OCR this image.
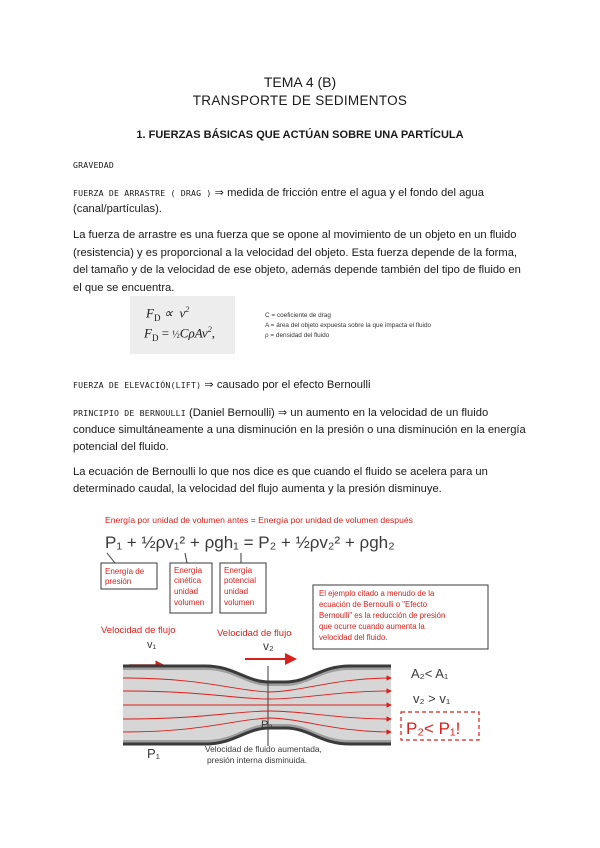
TEMA 4 (B)
TRANSPORTE DE SEDIMENTOS
1. FUERZAS BÁSICAS QUE ACTÚAN SOBRE UNA PARTÍCULA
GRAVEDAD
FUERZA DE ARRASTRE ( DRAG ) ⇒ medida de fricción entre el agua y el fondo del agua
(canal/partículas).
La fuerza de arrastre es una fuerza que se opone al movimiento de un objeto en un fluido
(resistencia) y es proporcional a la velocidad del objeto. Esta fuerza depende de la forma,
del tamaño y de la velocidad de ese objeto, además depende también del tipo de fluido en
el que se encuentra.
$F_D \propto v^2$
$F_D$ = ½CρAv$^2$,
C = coeficiente de drag
A = área del objeto expuesta sobre la que impacta el fluido
ρ = densidad del fluido
FUERZA DE ELEVACIÓN(LIFT) ⇒ causado por el efecto Bernoulli
PRINCIPIO DE BERNOULLI (Daniel Bernoulli) ⇒ un aumento en la velocidad de un fluido
conduce simultáneamente a una disminución en la presión o una disminución en la energía
potencial del fluido.
La ecuación de Bernoulli lo que nos dice es que cuando el fluido se acelera para un
determinado caudal, la velocidad del flujo aumenta y la presión disminuye.
Energía por unidad de volumen antes = Energía por unidad de volumen después
P₁ + ½ρv₁² + ρgh₁ = P₂ + ½ρv₂² + ρgh₂
Energía de
presión
Energía
cinética
unidad
volumen
Energía
potencial
unidad
volumen
El ejemplo citado a menudo de la
ecuación de Bernoulli o "Efecto
Bernoulli" es la reducción de presión
que ocurre cuando aumenta la
velocidad del fluido.
Velocidad de flujo
v₁
Velocidad de flujo
v₂
A₂< A₁
v₂ > v₁
P₂< P₁!
P₂
P₁	Velocidad de fluido aumentada,
presión interna disminuida.
